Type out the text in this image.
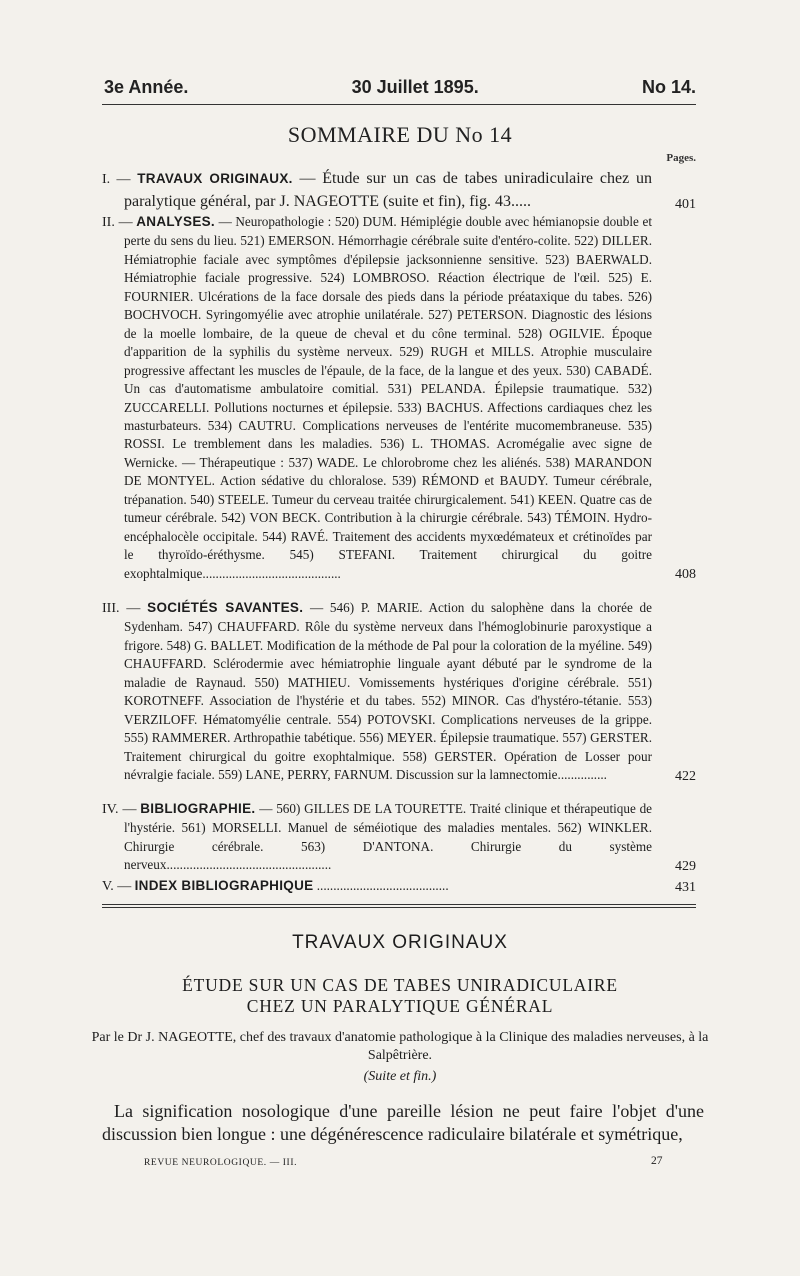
3e Année.	30 Juillet 1895.	No 14.
SOMMAIRE DU No 14
Pages.
I. — TRAVAUX ORIGINAUX. — Étude sur un cas de tabes uniradiculaire chez un paralytique général, par J. NAGEOTTE (suite et fin), fig. 43.....	401
II. — ANALYSES. — Neuropathologie : 520) DUM. Hémiplégie double avec hémianopsie double et perte du sens du lieu. 521) EMERSON. Hémorrhagie cérébrale suite d'entéro-colite. 522) DILLER. Hémiatrophie faciale avec symptômes d'épilepsie jacksonnienne sensitive. 523) BAERWALD. Hémiatrophie faciale progressive. 524) LOMBROSO. Réaction électrique de l'œil. 525) E. FOURNIER. Ulcérations de la face dorsale des pieds dans la période préataxique du tabes. 526) BOCHVOCH. Syringomyélie avec atrophie unilatérale. 527) PETERSON. Diagnostic des lésions de la moelle lombaire, de la queue de cheval et du cône terminal. 528) OGILVIE. Époque d'apparition de la syphilis du système nerveux. 529) RUGH et MILLS. Atrophie musculaire progressive affectant les muscles de l'épaule, de la face, de la langue et des yeux. 530) CABADÉ. Un cas d'automatisme ambulatoire comitial. 531) PELANDA. Épilepsie traumatique. 532) ZUCCARELLI. Pollutions nocturnes et épilepsie. 533) BACHUS. Affections cardiaques chez les masturbateurs. 534) CAUTRU. Complications nerveuses de l'entérite mucomembraneuse. 535) ROSSI. Le tremblement dans les maladies. 536) L. THOMAS. Acromégalie avec signe de Wernicke. — Thérapeutique : 537) WADE. Le chlorobrome chez les aliénés. 538) MARANDON DE MONTYEL. Action sédative du chloralose. 539) RÉMOND et BAUDY. Tumeur cérébrale, trépanation. 540) STEELE. Tumeur du cerveau traitée chirurgicalement. 541) KEEN. Quatre cas de tumeur cérébrale. 542) VON BECK. Contribution à la chirurgie cérébrale. 543) TÉMOIN. Hydro-encéphalocèle occipitale. 544) RAVÉ. Traitement des accidents myxœdémateux et crétinoïdes par le thyroïdo-éréthysme. 545) STEFANI. Traitement chirurgical du goitre exophtalmique..........................................	408
III. — SOCIÉTÉS SAVANTES. — 546) P. MARIE. Action du salophène dans la chorée de Sydenham. 547) CHAUFFARD. Rôle du système nerveux dans l'hémoglobinurie paroxystique a frigore. 548) G. BALLET. Modification de la méthode de Pal pour la coloration de la myéline. 549) CHAUFFARD. Sclérodermie avec hémiatrophie linguale ayant débuté par le syndrome de la maladie de Raynaud. 550) MATHIEU. Vomissements hystériques d'origine cérébrale. 551) KOROTNEFF. Association de l'hystérie et du tabes. 552) MINOR. Cas d'hystéro-tétanie. 553) VERZILOFF. Hématomyélie centrale. 554) POTOVSKI. Complications nerveuses de la grippe. 555) RAMMERER. Arthropathie tabétique. 556) MEYER. Épilepsie traumatique. 557) GERSTER. Traitement chirurgical du goitre exophtalmique. 558) GERSTER. Opération de Losser pour névralgie faciale. 559) LANE, PERRY, FARNUM. Discussion sur la lamnectomie...............	422
IV. — BIBLIOGRAPHIE. — 560) GILLES DE LA TOURETTE. Traité clinique et thérapeutique de l'hystérie. 561) MORSELLI. Manuel de séméiotique des maladies mentales. 562) WINKLER. Chirurgie cérébrale. 563) D'ANTONA. Chirurgie du système nerveux..................................................	429
V. — INDEX BIBLIOGRAPHIQUE ........................................	431
TRAVAUX ORIGINAUX
ÉTUDE SUR UN CAS DE TABES UNIRADICULAIRE
CHEZ UN PARALYTIQUE GÉNÉRAL
Par le Dr J. NAGEOTTE, chef des travaux d'anatomie pathologique à la Clinique des maladies nerveuses, à la Salpêtrière.
(Suite et fin.)
La signification nosologique d'une pareille lésion ne peut faire l'objet d'une discussion bien longue : une dégénérescence radiculaire bilatérale et symétrique,
REVUE NEUROLOGIQUE. — III.	27
